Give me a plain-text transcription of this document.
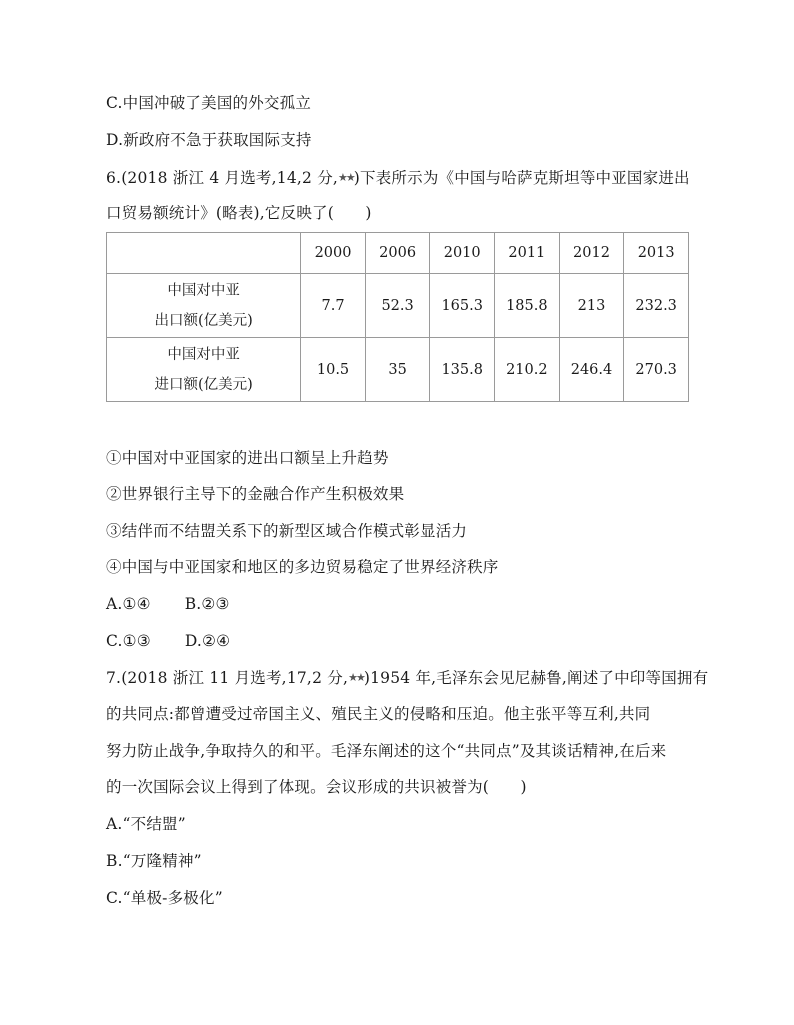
C.中国冲破了美国的外交孤立
D.新政府不急于获取国际支持
6.(2018 浙江 4 月选考,14,2 分,★★)下表所示为《中国与哈萨克斯坦等中亚国家进出
口贸易额统计》(略表),它反映了(　　)
	2000	2006	2010	2011	2012	2013

中国对中亚
出口额(亿美元)	7.7	52.3	165.3	185.8	213	232.3

中国对中亚
进口额(亿美元)	10.5	35	135.8	210.2	246.4	270.3
①中国对中亚国家的进出口额呈上升趋势
②世界银行主导下的金融合作产生积极效果
③结伴而不结盟关系下的新型区域合作模式彰显活力
④中国与中亚国家和地区的多边贸易稳定了世界经济秩序
A.①④ B.②③
C.①③ D.②④
7.(2018 浙江 11 月选考,17,2 分,★★)1954 年,毛泽东会见尼赫鲁,阐述了中印等国拥有
的共同点:都曾遭受过帝国主义、殖民主义的侵略和压迫。他主张平等互利,共同
努力防止战争,争取持久的和平。毛泽东阐述的这个“共同点”及其谈话精神,在后来
的一次国际会议上得到了体现。会议形成的共识被誉为(　　)
A.“不结盟”
B.“万隆精神”
C.“单极-多极化”
